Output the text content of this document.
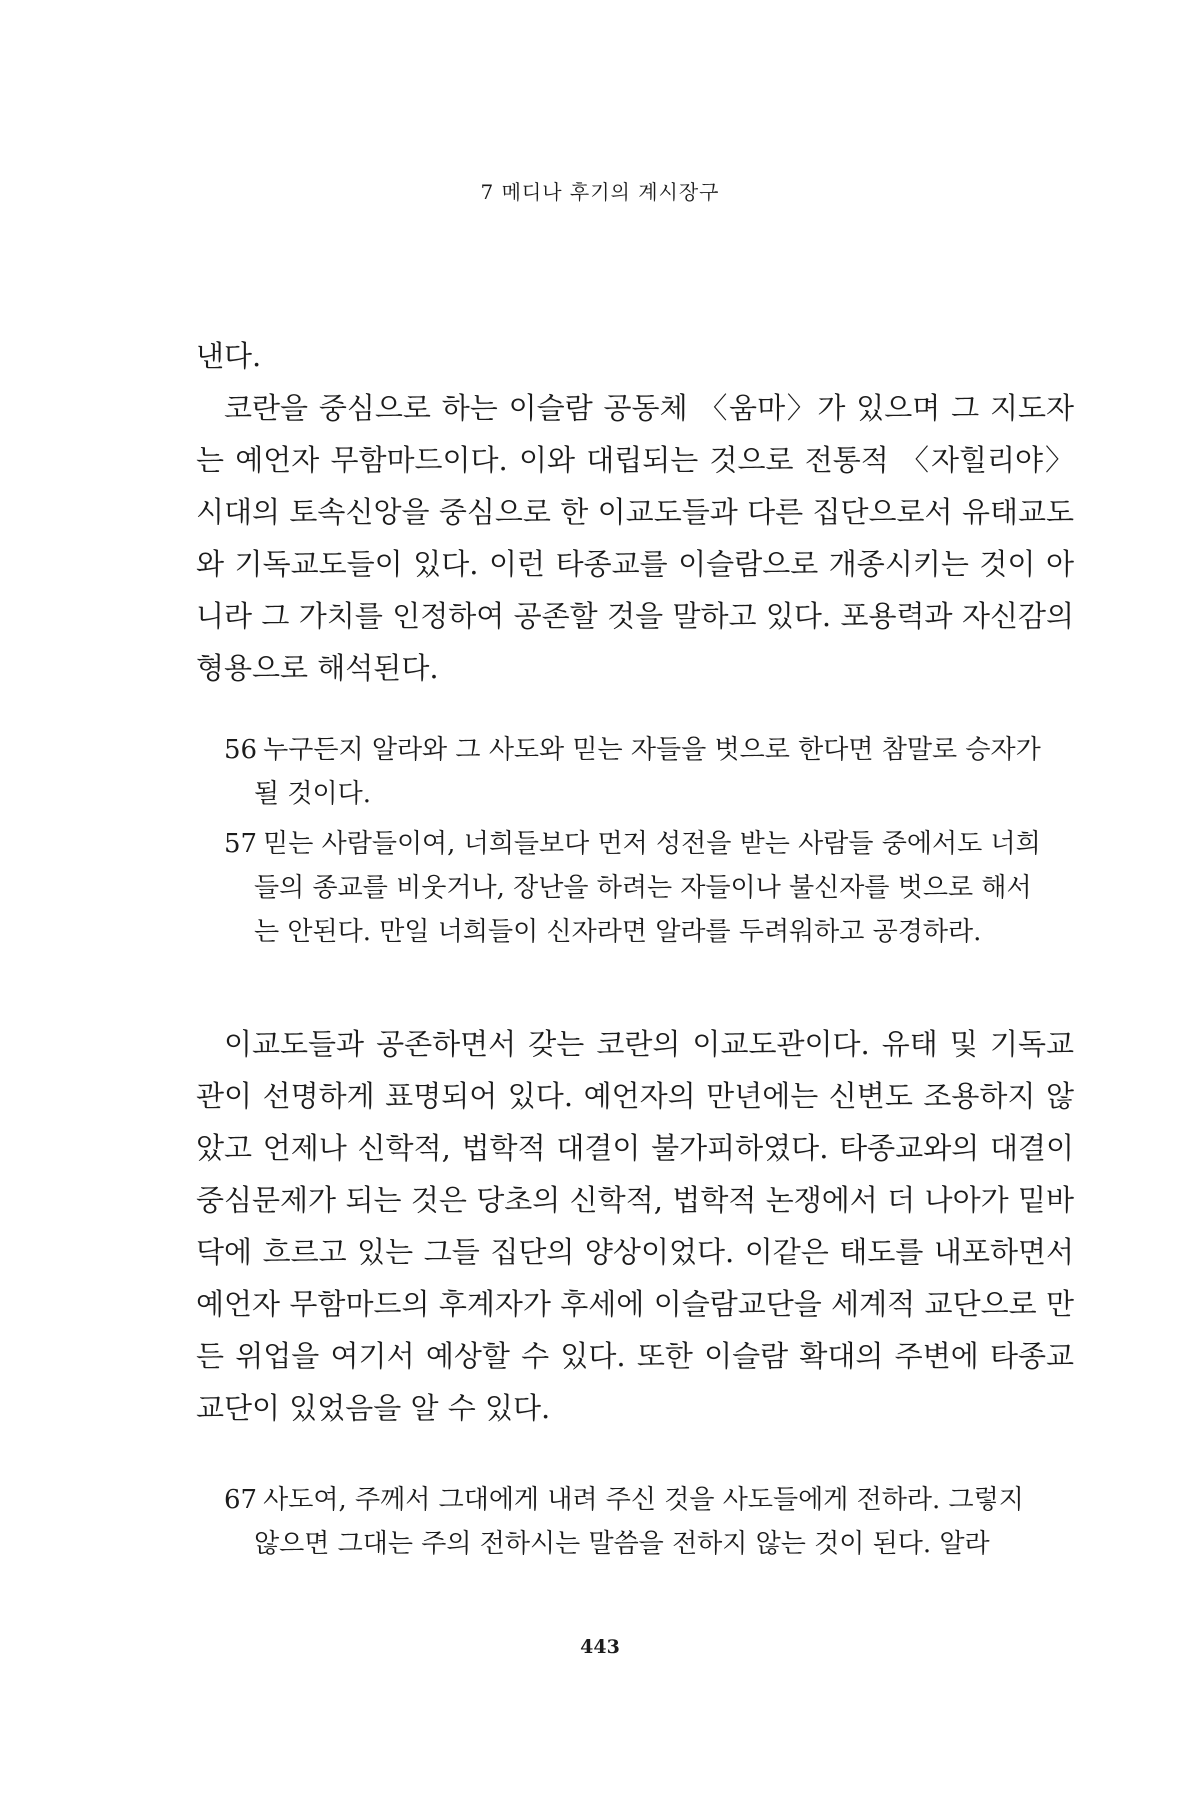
7 메디나 후기의 계시장구

낸다.

코란을 중심으로 하는 이슬람 공동체 〈움마〉가 있으며 그 지도자는 예언자 무함마드이다. 이와 대립되는 것으로 전통적 〈자힐리야〉 시대의 토속신앙을 중심으로 한 이교도들과 다른 집단으로서 유태교도와 기독교도들이 있다. 이런 타종교를 이슬람으로 개종시키는 것이 아니라 그 가치를 인정하여 공존할 것을 말하고 있다. 포용력과 자신감의 형용으로 해석된다.

56 누구든지 알라와 그 사도와 믿는 자들을 벗으로 한다면 참말로 승자가 될 것이다.

57 믿는 사람들이여, 너희들보다 먼저 성전을 받는 사람들 중에서도 너희들의 종교를 비웃거나, 장난을 하려는 자들이나 불신자를 벗으로 해서는 안된다. 만일 너희들이 신자라면 알라를 두려워하고 공경하라.

이교도들과 공존하면서 갖는 코란의 이교도관이다. 유태 및 기독교관이 선명하게 표명되어 있다. 예언자의 만년에는 신변도 조용하지 않았고 언제나 신학적, 법학적 대결이 불가피하였다. 타종교와의 대결이 중심문제가 되는 것은 당초의 신학적, 법학적 논쟁에서 더 나아가 밑바닥에 흐르고 있는 그들 집단의 양상이었다. 이같은 태도를 내포하면서 예언자 무함마드의 후계자가 후세에 이슬람교단을 세계적 교단으로 만든 위업을 여기서 예상할 수 있다. 또한 이슬람 확대의 주변에 타종교 교단이 있었음을 알 수 있다.

67 사도여, 주께서 그대에게 내려 주신 것을 사도들에게 전하라. 그렇지 않으면 그대는 주의 전하시는 말씀을 전하지 않는 것이 된다. 알라

443
